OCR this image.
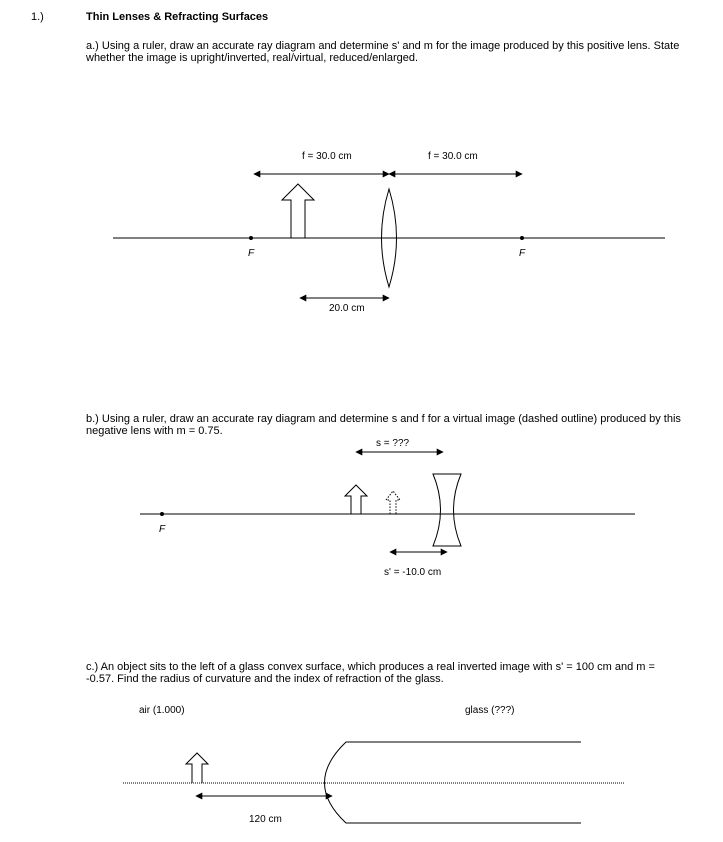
1.)	Thin Lenses & Refracting Surfaces
a.) Using a ruler, draw an accurate ray diagram and determine s' and m for the image produced by this positive lens. State whether the image is upright/inverted, real/virtual, reduced/enlarged.
b.) Using a ruler, draw an accurate ray diagram and determine s and f for a virtual image (dashed outline) produced by this negative lens with m = 0.75.
c.) An object sits to the left of a glass convex surface, which produces a real inverted image with s' = 100 cm and m = -0.57. Find the radius of curvature and the index of refraction of the glass.
f = 30.0 cm	f = 30.0 cm
F	F
20.0 cm
s = ???
F
s' = -10.0 cm
air (1.000)	glass (???)
120 cm
